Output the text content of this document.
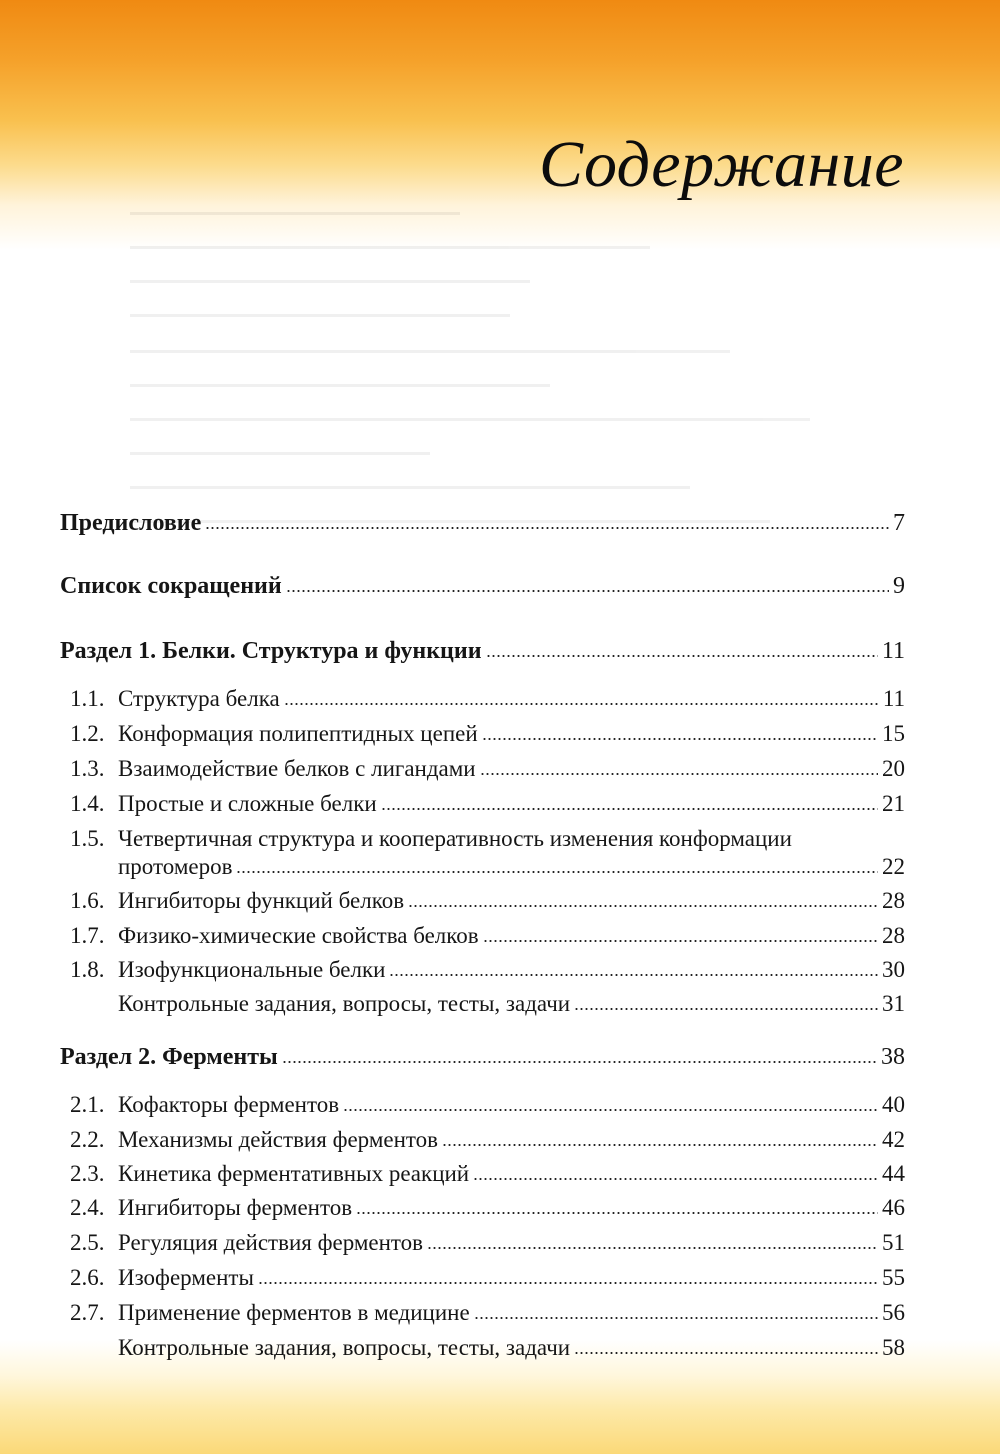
Содержание
Предисловие	7
Список сокращений	9
Раздел 1. Белки. Структура и функции	11
1.1. Структура белка	11
1.2. Конформация полипептидных цепей	15
1.3. Взаимодействие белков с лигандами	20
1.4. Простые и сложные белки	21
1.5. Четвертичная структура и кооперативность изменения конформации
протомеров	22
1.6. Ингибиторы функций белков	28
1.7. Физико-химические свойства белков	28
1.8. Изофункциональные белки	30
Контрольные задания, вопросы, тесты, задачи	31
Раздел 2. Ферменты	38
2.1. Кофакторы ферментов	40
2.2. Механизмы действия ферментов	42
2.3. Кинетика ферментативных реакций	44
2.4. Ингибиторы ферментов	46
2.5. Регуляция действия ферментов	51
2.6. Изоферменты	55
2.7. Применение ферментов в медицине	56
Контрольные задания, вопросы, тесты, задачи	58
